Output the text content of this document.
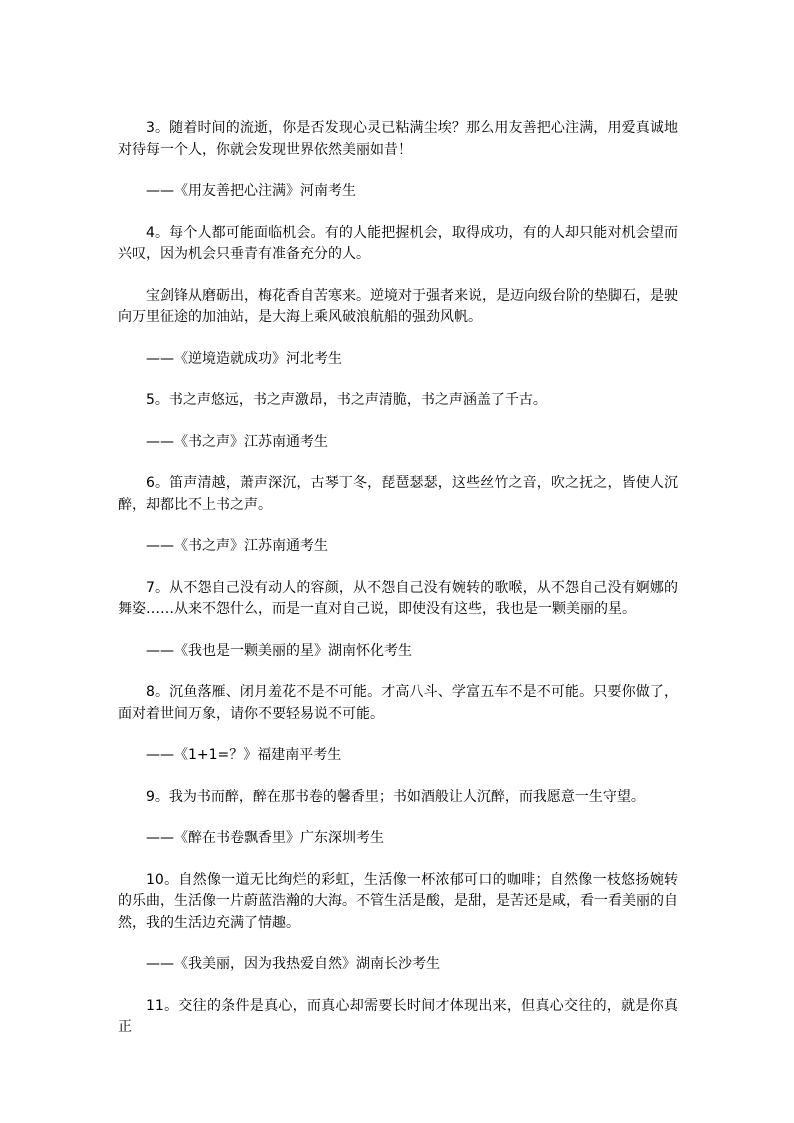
3。随着时间的流逝，你是否发现心灵已粘满尘埃？那么用友善把心注满，用爱真诚地对待每一个人，你就会发现世界依然美丽如昔！

——《用友善把心注满》河南考生

4。每个人都可能面临机会。有的人能把握机会，取得成功，有的人却只能对机会望而兴叹，因为机会只垂青有准备充分的人。

宝剑锋从磨砺出，梅花香自苦寒来。逆境对于强者来说，是迈向级台阶的垫脚石，是驶向万里征途的加油站，是大海上乘风破浪航船的强劲风帆。

——《逆境造就成功》河北考生

5。书之声悠远，书之声激昂，书之声清脆，书之声涵盖了千古。

——《书之声》江苏南通考生

6。笛声清越，萧声深沉，古琴丁冬，琵琶瑟瑟，这些丝竹之音，吹之抚之，皆使人沉醉，却都比不上书之声。

——《书之声》江苏南通考生

7。从不怨自己没有动人的容颜，从不怨自己没有婉转的歌喉，从不怨自己没有婀娜的舞姿……从来不怨什么，而是一直对自己说，即使没有这些，我也是一颗美丽的星。

——《我也是一颗美丽的星》湖南怀化考生

8。沉鱼落雁、闭月羞花不是不可能。才高八斗、学富五车不是不可能。只要你做了，面对着世间万象，请你不要轻易说不可能。

——《1+1=？》福建南平考生

9。我为书而醉，醉在那书卷的馨香里；书如酒般让人沉醉，而我愿意一生守望。

——《醉在书卷飘香里》广东深圳考生

10。自然像一道无比绚烂的彩虹，生活像一杯浓郁可口的咖啡；自然像一枝悠扬婉转的乐曲，生活像一片蔚蓝浩瀚的大海。不管生活是酸，是甜，是苦还是咸，看一看美丽的自然，我的生活边充满了情趣。

——《我美丽，因为我热爱自然》湖南长沙考生

11。交往的条件是真心，而真心却需要长时间才体现出来，但真心交往的，就是你真正
